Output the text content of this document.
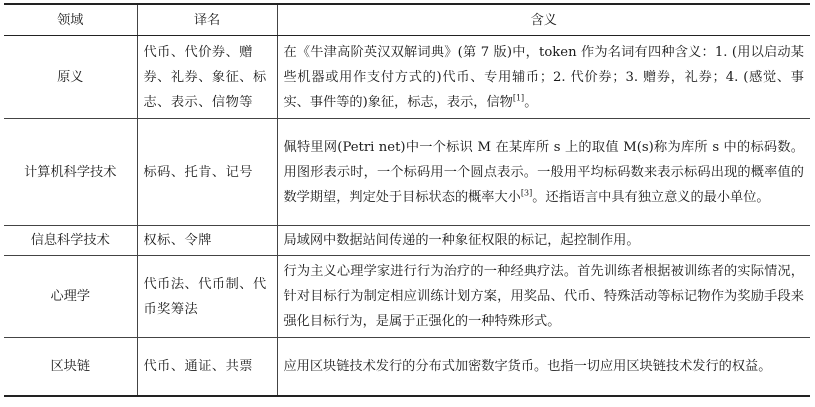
领域	译名	含义
原义	代币、代价券、赠券、礼券、象征、标志、表示、信物等	在《牛津高阶英汉双解词典》(第 7 版)中，token 作为名词有四种含义：1. (用以启动某些机器或用作支付方式的)代币、专用辅币；2. 代价券；3. 赠券，礼券；4. (感觉、事实、事件等的)象征，标志，表示，信物[1]。
计算机科学技术	标码、托肯、记号	佩特里网(Petri net)中一个标识 M 在某库所 s 上的取值 M(s)称为库所 s 中的标码数。用图形表示时，一个标码用一个圆点表示。一般用平均标码数来表示标码出现的概率值的数学期望，判定处于目标状态的概率大小[3]。还指语言中具有独立意义的最小单位。
信息科学技术	权标、令牌	局域网中数据站间传递的一种象征权限的标记，起控制作用。
心理学	代币法、代币制、代币奖筹法	行为主义心理学家进行行为治疗的一种经典疗法。首先训练者根据被训练者的实际情况，针对目标行为制定相应训练计划方案，用奖品、代币、特殊活动等标记物作为奖励手段来强化目标行为，是属于正强化的一种特殊形式。
区块链	代币、通证、共票	应用区块链技术发行的分布式加密数字货币。也指一切应用区块链技术发行的权益。
